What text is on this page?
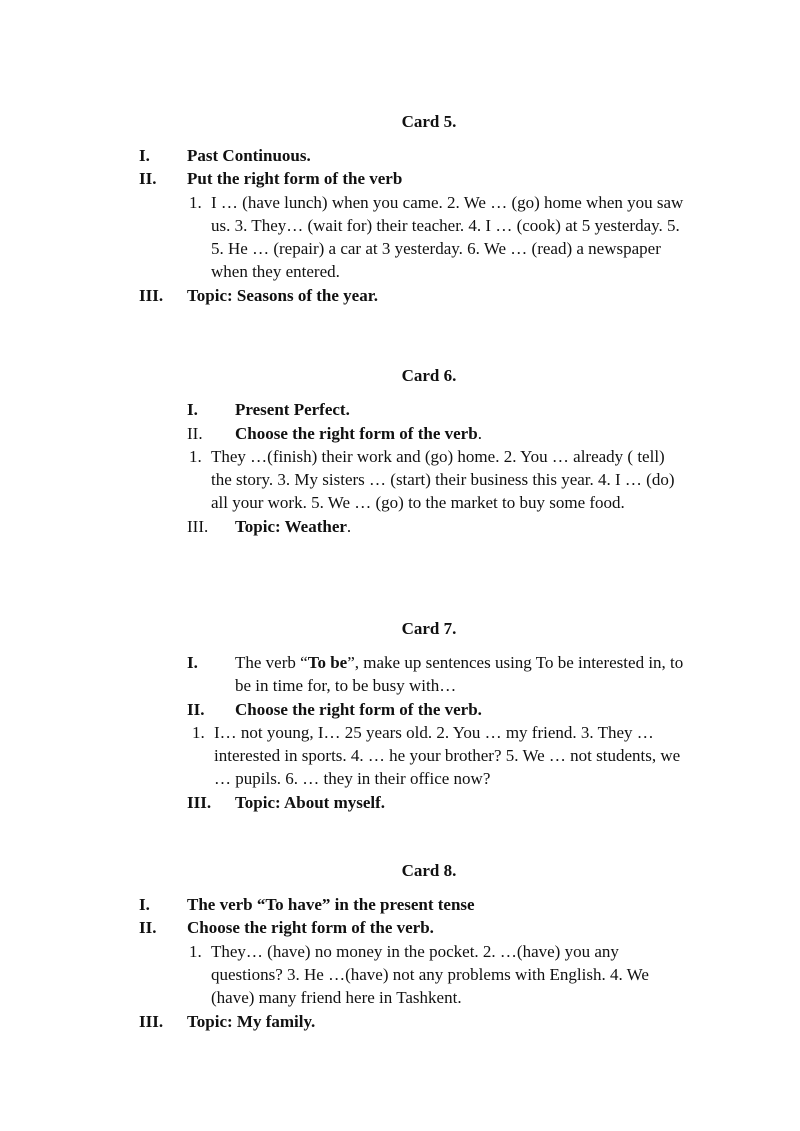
Card 5.
I. Past Continuous.
II. Put the right form of the verb
1. I … (have lunch) when you came. 2. We … (go) home when you saw
us. 3. They… (wait for) their teacher. 4. I … (cook) at 5 yesterday. 5.
5. He … (repair) a car at 3 yesterday. 6. We … (read) a newspaper
when they entered.
III. Topic: Seasons of the year.
Card 6.
I. Present Perfect.
II. Choose the right form of the verb.
1. They …(finish) their work and (go) home. 2. You … already ( tell)
the story. 3. My sisters … (start) their business this year. 4. I … (do)
all your work. 5. We … (go) to the market to buy some food.
III. Topic: Weather.
Card 7.
I. The verb “To be”, make up sentences using To be interested in, to
be in time for, to be busy with…
II. Choose the right form of the verb.
1. I… not young, I… 25 years old. 2. You … my friend. 3. They …
interested in sports. 4. … he your brother? 5. We … not students, we
… pupils. 6. … they in their office now?
III. Topic: About myself.
Card 8.
I. The verb “To have” in the present tense
II. Choose the right form of the verb.
1. They… (have) no money in the pocket. 2. …(have) you any
questions? 3. He …(have) not any problems with English. 4. We
(have) many friend here in Tashkent.
III. Topic: My family.
